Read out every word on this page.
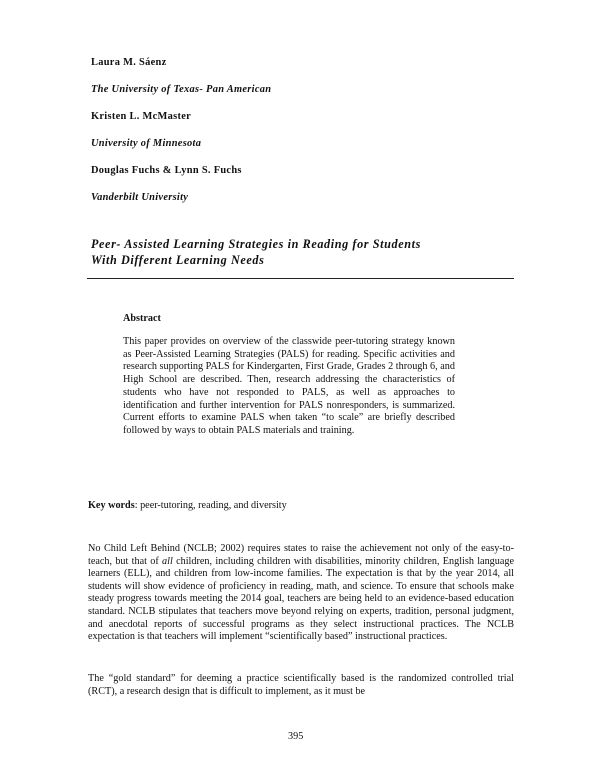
Laura M. Sáenz
The University of Texas- Pan American
Kristen L. McMaster
University of Minnesota
Douglas Fuchs & Lynn S. Fuchs
Vanderbilt University
Peer- Assisted Learning Strategies in Reading for Students
With Different Learning Needs
Abstract
This paper provides on overview of the classwide peer-tutoring strategy known as Peer-Assisted Learning Strategies (PALS) for reading. Specific activities and research supporting PALS for Kindergarten, First Grade, Grades 2 through 6, and High School are described. Then, research addressing the characteristics of students who have not responded to PALS, as well as approaches to identification and further intervention for PALS nonresponders, is summarized. Current efforts to examine PALS when taken “to scale” are briefly described followed by ways to obtain PALS materials and training.
Key words: peer-tutoring, reading, and diversity
No Child Left Behind (NCLB; 2002) requires states to raise the achievement not only of the easy-to-teach, but that of all children, including children with disabilities, minority children, English language learners (ELL), and children from low-income families. The expectation is that by the year 2014, all students will show evidence of proficiency in reading, math, and science. To ensure that schools make steady progress towards meeting the 2014 goal, teachers are being held to an evidence-based education standard. NCLB stipulates that teachers move beyond relying on experts, tradition, personal judgment, and anecdotal reports of successful programs as they select instructional practices. The NCLB expectation is that teachers will implement “scientifically based” instructional practices.
The “gold standard” for deeming a practice scientifically based is the randomized controlled trial (RCT), a research design that is difficult to implement, as it must be
395
